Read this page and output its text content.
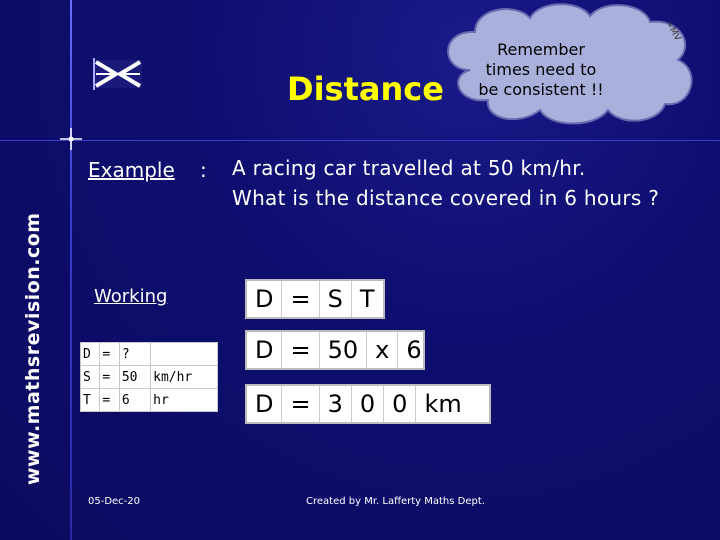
www.mathsrevision.com
Distance
Remember
times need to
be consistent !!
≈MV
Example : A racing car travelled at 50 km/hr.
What is the distance covered in 6 hours ?
Working
D	=	?	
S	=	50	km/hr
T	=	6	hr
D	=	S	T
D	=	50	x	6
D	=	3	0	0	km
05-Dec-20	Created by Mr. Lafferty Maths Dept.
